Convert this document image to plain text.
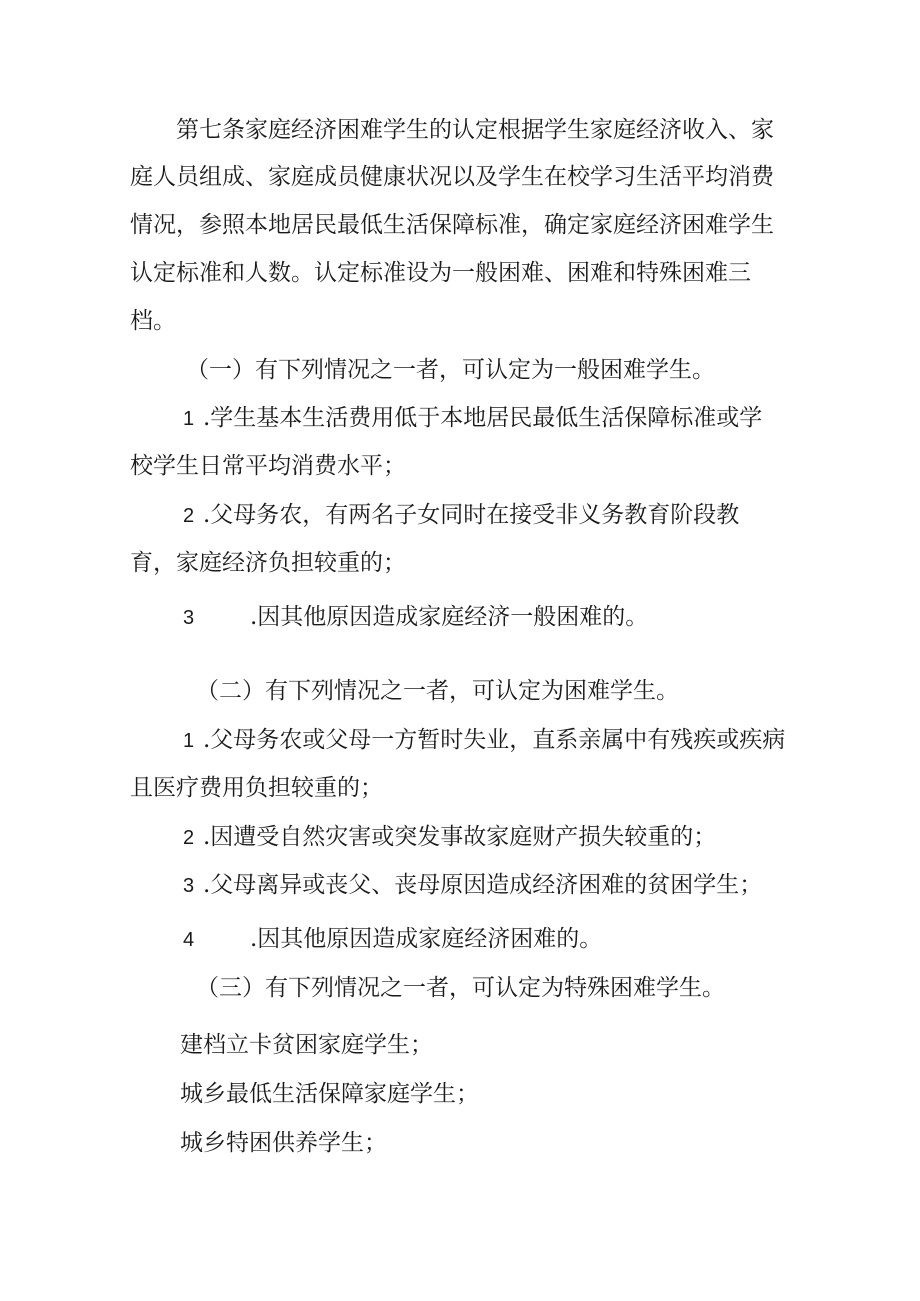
第七条家庭经济困难学生的认定根据学生家庭经济收入、家
庭人员组成、家庭成员健康状况以及学生在校学习生活平均消费
情况，参照本地居民最低生活保障标准，确定家庭经济困难学生
认定标准和人数。认定标准设为一般困难、困难和特殊困难三
档。
（一）有下列情况之一者，可认定为一般困难学生。
1 .学生基本生活费用低于本地居民最低生活保障标准或学
校学生日常平均消费水平；
2 .父母务农，有两名子女同时在接受非义务教育阶段教
育，家庭经济负担较重的；
3 .因其他原因造成家庭经济一般困难的。
（二）有下列情况之一者，可认定为困难学生。
1 .父母务农或父母一方暂时失业，直系亲属中有残疾或疾病
且医疗费用负担较重的；
2 .因遭受自然灾害或突发事故家庭财产损失较重的；
3 .父母离异或丧父、丧母原因造成经济困难的贫困学生；
4 .因其他原因造成家庭经济困难的。
（三）有下列情况之一者，可认定为特殊困难学生。
建档立卡贫困家庭学生；
城乡最低生活保障家庭学生；
城乡特困供养学生；
